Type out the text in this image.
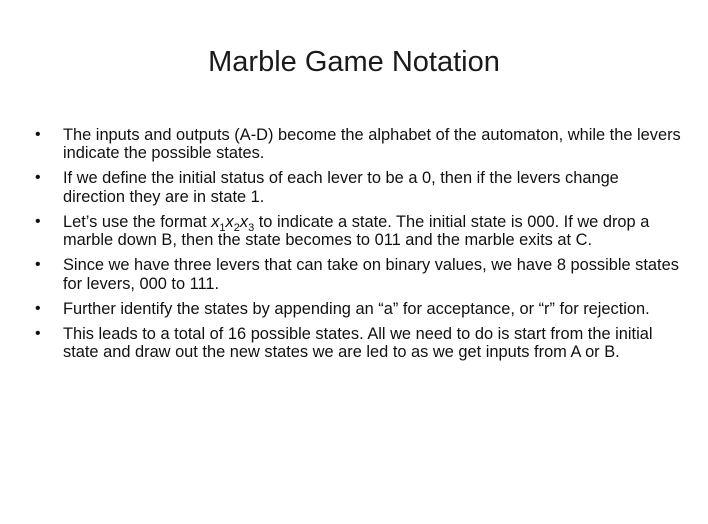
Marble Game Notation
•	The inputs and outputs (A-D) become the alphabet of the automaton, while the levers indicate the possible states.
•	If we define the initial status of each lever to be a 0, then if the levers change direction they are in state 1.
•	Let’s use the format $x_1x_2x_3$ to indicate a state. The initial state is 000. If we drop a marble down B, then the state becomes to 011 and the marble exits at C.
•	Since we have three levers that can take on binary values, we have 8 possible states for levers, 000 to 111.
•	Further identify the states by appending an “a” for acceptance, or “r” for rejection.
•	This leads to a total of 16 possible states. All we need to do is start from the initial state and draw out the new states we are led to as we get inputs from A or B.
